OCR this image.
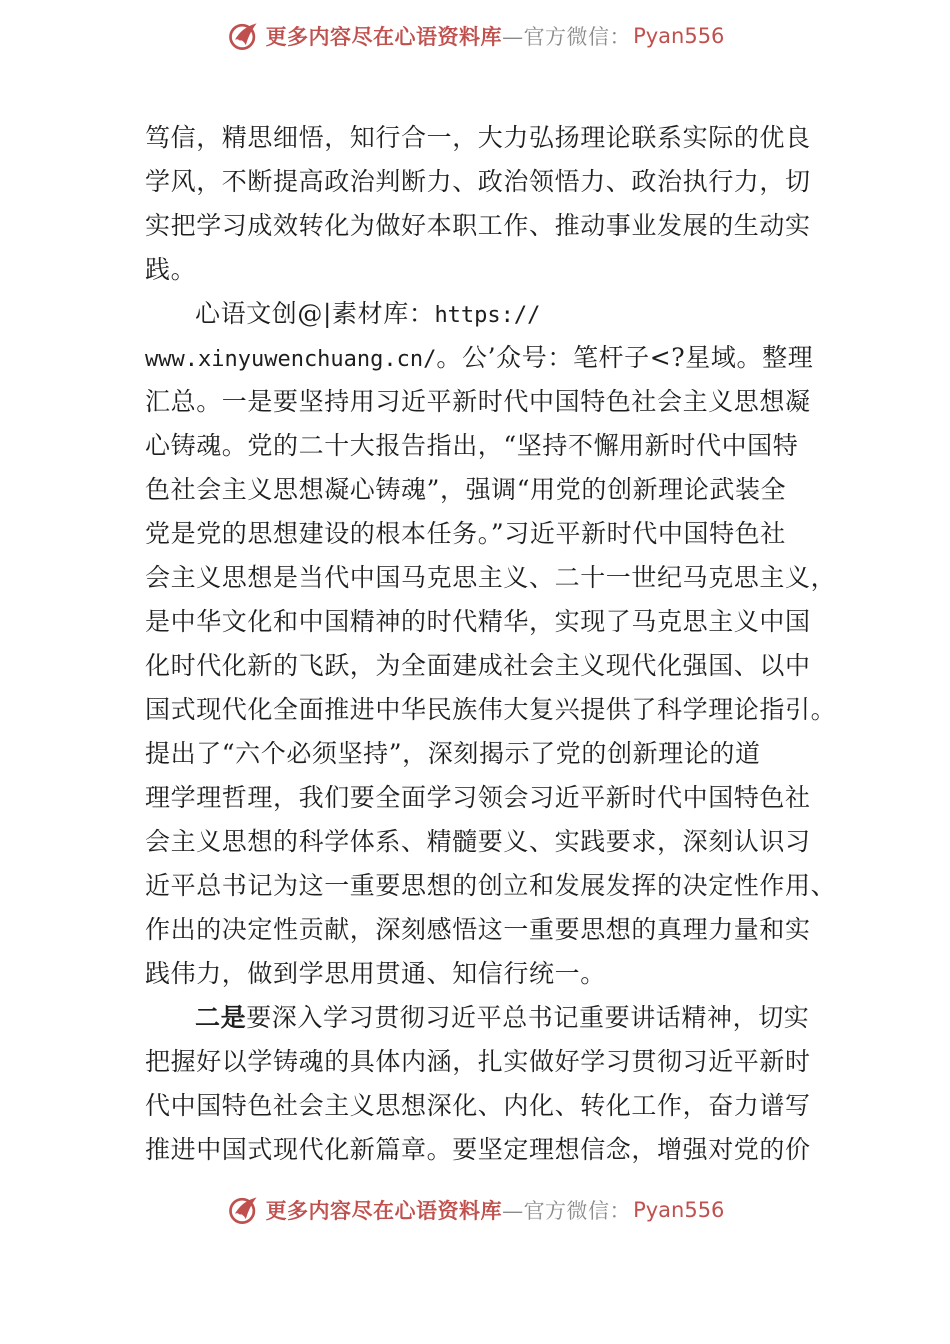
更多内容尽在心语资料库 —官方微信： Pyan556
笃信，精思细悟，知行合一，大力弘扬理论联系实际的优良
学风，不断提高政治判断力、政治领悟力、政治执行力，切
实把学习成效转化为做好本职工作、推动事业发展的生动实
践。
心语文创@|素材库：https://
www.xinyuwenchuang.cn/。公’众号：笔杆子<?星域。整理
汇总。一是要坚持用习近平新时代中国特色社会主义思想凝
心铸魂。党的二十大报告指出，“坚持不懈用新时代中国特
色社会主义思想凝心铸魂”，强调“用党的创新理论武装全
党是党的思想建设的根本任务。”习近平新时代中国特色社
会主义思想是当代中国马克思主义、二十一世纪马克思主义，
是中华文化和中国精神的时代精华，实现了马克思主义中国
化时代化新的飞跃，为全面建成社会主义现代化强国、以中
国式现代化全面推进中华民族伟大复兴提供了科学理论指引。
提出了“六个必须坚持”，深刻揭示了党的创新理论的道
理学理哲理，我们要全面学习领会习近平新时代中国特色社
会主义思想的科学体系、精髓要义、实践要求，深刻认识习
近平总书记为这一重要思想的创立和发展发挥的决定性作用、
作出的决定性贡献，深刻感悟这一重要思想的真理力量和实
践伟力，做到学思用贯通、知信行统一。
二是要深入学习贯彻习近平总书记重要讲话精神，切实
把握好以学铸魂的具体内涵，扎实做好学习贯彻习近平新时
代中国特色社会主义思想深化、内化、转化工作，奋力谱写
推进中国式现代化新篇章。要坚定理想信念，增强对党的价
更多内容尽在心语资料库 —官方微信： Pyan556
